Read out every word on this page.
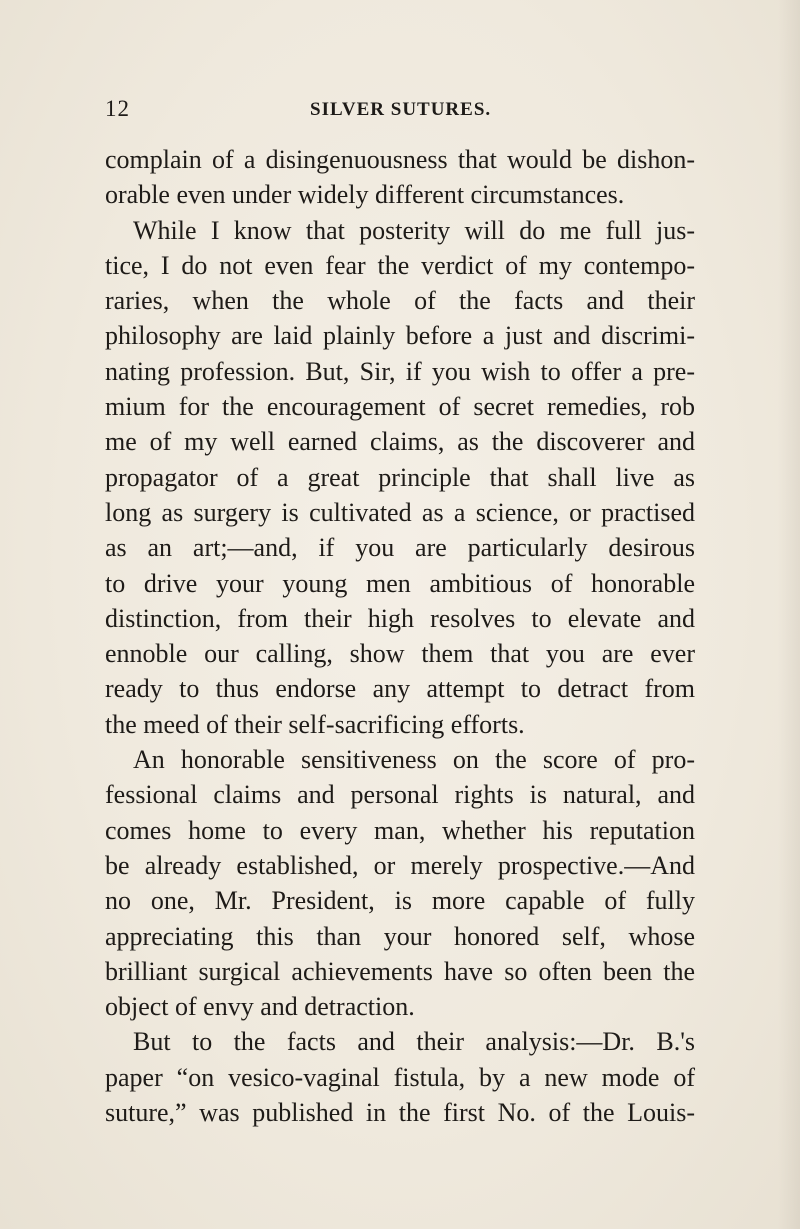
12	SILVER SUTURES.
complain of a disingenuousness that would be dishon-
orable even under widely different circumstances.
While I know that posterity will do me full jus-
tice, I do not even fear the verdict of my contempo-
raries, when the whole of the facts and their
philosophy are laid plainly before a just and discrimi-
nating profession. But, Sir, if you wish to offer a pre-
mium for the encouragement of secret remedies, rob
me of my well earned claims, as the discoverer and
propagator of a great principle that shall live as
long as surgery is cultivated as a science, or practised
as an art;—and, if you are particularly desirous
to drive your young men ambitious of honorable
distinction, from their high resolves to elevate and
ennoble our calling, show them that you are ever
ready to thus endorse any attempt to detract from
the meed of their self-sacrificing efforts.
An honorable sensitiveness on the score of pro-
fessional claims and personal rights is natural, and
comes home to every man, whether his reputation
be already established, or merely prospective.—And
no one, Mr. President, is more capable of fully
appreciating this than your honored self, whose
brilliant surgical achievements have so often been the
object of envy and detraction.
But to the facts and their analysis:—Dr. B.'s
paper “on vesico-vaginal fistula, by a new mode of
suture,” was published in the first No. of the Louis-
